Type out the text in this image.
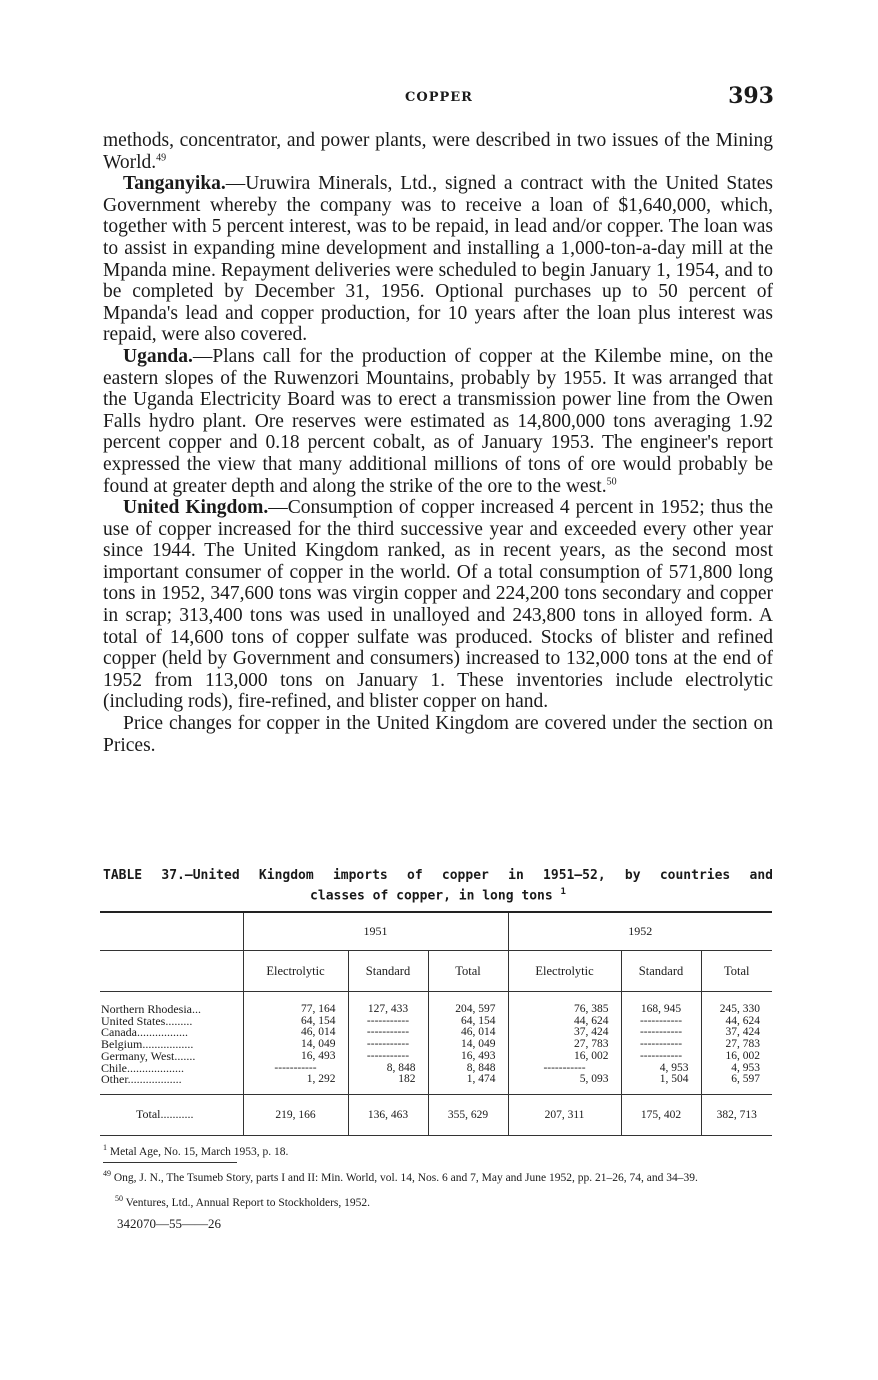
COPPER	393

methods, concentrator, and power plants, were described in two issues of the Mining World.$^{49}$

Tanganyika.—Uruwira Minerals, Ltd., signed a contract with the United States Government whereby the company was to receive a loan of $1,640,000, which, together with 5 percent interest, was to be repaid, in lead and/or copper. The loan was to assist in expanding mine development and installing a 1,000-ton-a-day mill at the Mpanda mine. Repayment deliveries were scheduled to begin January 1, 1954, and to be completed by December 31, 1956. Optional purchases up to 50 percent of Mpanda's lead and copper production, for 10 years after the loan plus interest was repaid, were also covered.

Uganda.—Plans call for the production of copper at the Kilembe mine, on the eastern slopes of the Ruwenzori Mountains, probably by 1955. It was arranged that the Uganda Electricity Board was to erect a transmission power line from the Owen Falls hydro plant. Ore reserves were estimated as 14,800,000 tons averaging 1.92 percent copper and 0.18 percent cobalt, as of January 1953. The engineer's report expressed the view that many additional millions of tons of ore would probably be found at greater depth and along the strike of the ore to the west.$^{50}$

United Kingdom.—Consumption of copper increased 4 percent in 1952; thus the use of copper increased for the third successive year and exceeded every other year since 1944. The United Kingdom ranked, as in recent years, as the second most important consumer of copper in the world. Of a total consumption of 571,800 long tons in 1952, 347,600 tons was virgin copper and 224,200 tons secondary and copper in scrap; 313,400 tons was used in unalloyed and 243,800 tons in alloyed form. A total of 14,600 tons of copper sulfate was produced. Stocks of blister and refined copper (held by Government and consumers) increased to 132,000 tons at the end of 1952 from 113,000 tons on January 1. These inventories include electrolytic (including rods), fire-refined, and blister copper on hand.

Price changes for copper in the United Kingdom are covered under the section on Prices.

TABLE 37.—United Kingdom imports of copper in 1951–52, by countries and
classes of copper, in long tons $^1$
	1951			1952		
	Electrolytic	Standard	Total	Electrolytic	Standard	Total
Northern Rhodesia...	77, 164	127, 433	204, 597	76, 385	168, 945	245, 330
United States.........	64, 154	-----------	64, 154	44, 624	-----------	44, 624
Canada.................	46, 014	-----------	46, 014	37, 424	-----------	37, 424
Belgium.................	14, 049	-----------	14, 049	27, 783	-----------	27, 783
Germany, West.......	16, 493	-----------	16, 493	16, 002	-----------	16, 002
Chile...................	-----------	8, 848	8, 848	-----------	4, 953	4, 953
Other..................	1, 292	182	1, 474	5, 093	1, 504	6, 597
Total...........	219, 166	136, 463	355, 629	207, 311	175, 402	382, 713
$^1$ Metal Age, No. 15, March 1953, p. 18.
$^{49}$ Ong, J. N., The Tsumeb Story, parts I and II: Min. World, vol. 14, Nos. 6 and 7, May and June 1952, pp. 21–26, 74, and 34–39.
$^{50}$ Ventures, Ltd., Annual Report to Stockholders, 1952.
342070—55——26
